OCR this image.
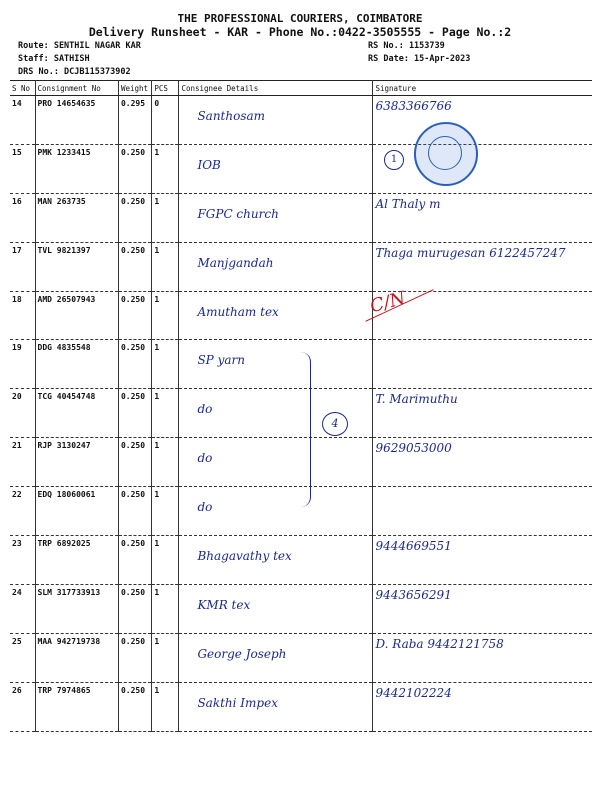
THE PROFESSIONAL COURIERS, COIMBATORE
Delivery Runsheet - KAR - Phone No.:0422-3505555 - Page No.:2
Route: SENTHIL NAGAR KAR
Staff: SATHISH
DRS No.: DCJB115373902
RS No.: 1153739
RS Date: 15-Apr-2023
S No	Consignment No	Weight	PCS	Consignee Details	Signature
14	PRO 14654635	0.295	0	Santhosam	6383366766
15	PMK 1233415	0.250	1	IOB	

16	MAN 263735	0.250	1	FGPC church	Al Thaly m
17	TVL 9821397	0.250	1	Manjgandah	Thaga murugesan 6122457247
18	AMD 26507943	0.250	1	Amutham tex	

19	DDG 4835548	0.250	1	SP yarn	

20	TCG 40454748	0.250	1	do	T. Marimuthu
21	RJP 3130247	0.250	1	do	9629053000
22	EDQ 18060061	0.250	1	do	

23	TRP 6892025	0.250	1	Bhagavathy tex	9444669551
24	SLM 317733913	0.250	1	KMR tex	9443656291
25	MAA 942719738	0.250	1	George Joseph	D. Raba 9442121758
26	TRP 7974865	0.250	1	Sakthi Impex	9442102224
1
4
C/N
